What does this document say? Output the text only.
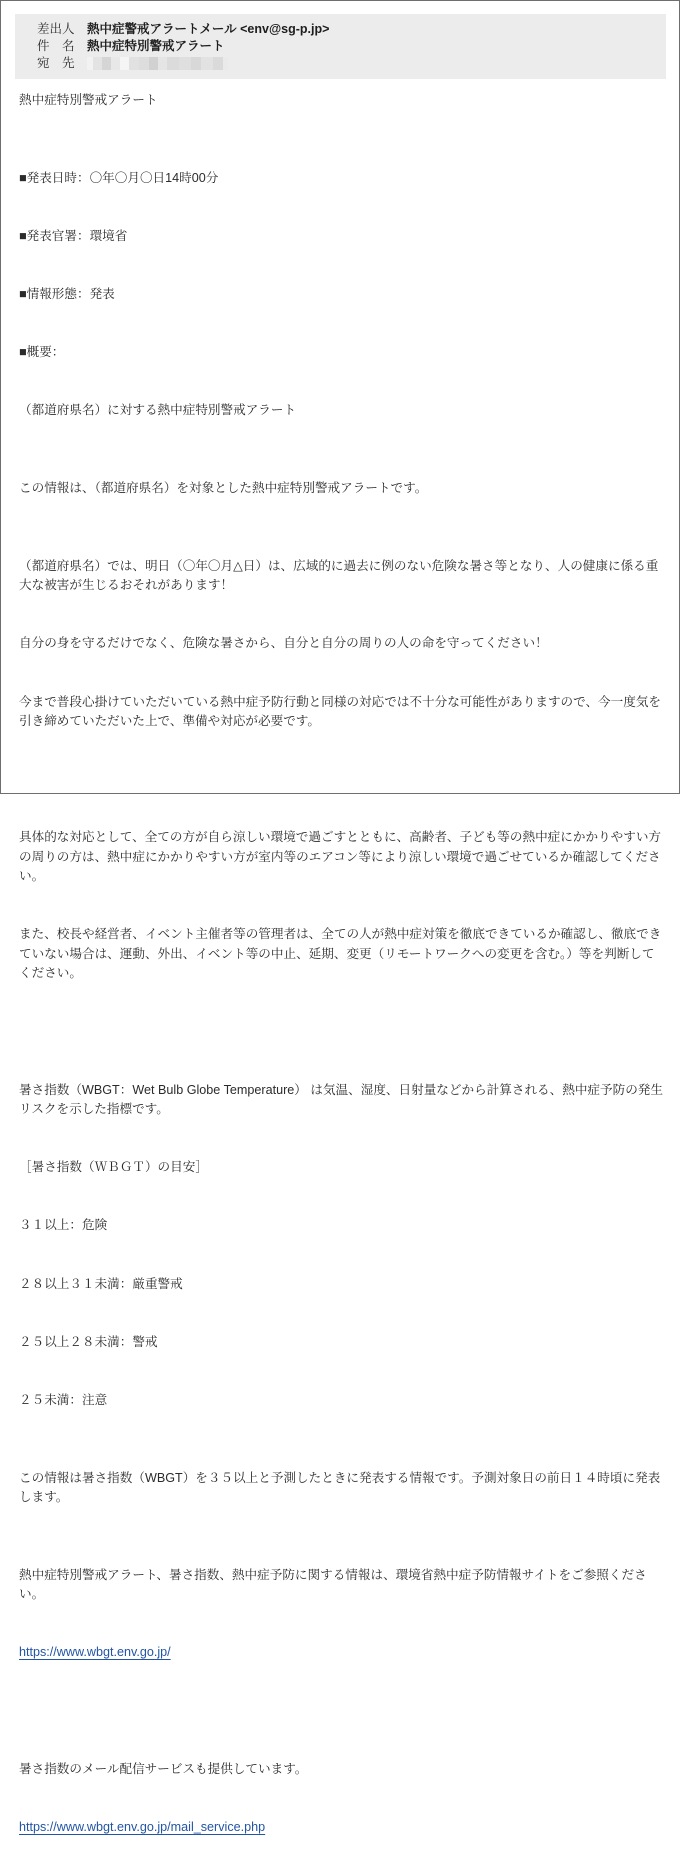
差出人 熱中症警戒アラートメール <env@sg-p.jp>
件　名 熱中症特別警戒アラート
宛　先
熱中症特別警戒アラート

■発表日時：〇年〇月〇日14時00分

■発表官署：環境省

■情報形態：発表

■概要：

（都道府県名）に対する熱中症特別警戒アラート

この情報は、（都道府県名）を対象とした熱中症特別警戒アラートです。

（都道府県名）では、明日（〇年〇月△日）は、広域的に過去に例のない危険な暑さ等となり、人の健康に係る重大な被害が生じるおそれがあります！

自分の身を守るだけでなく、危険な暑さから、自分と自分の周りの人の命を守ってください！

今まで普段心掛けていただいている熱中症予防行動と同様の対応では不十分な可能性がありますので、今一度気を引き締めていただいた上で、準備や対応が必要です。

具体的な対応として、全ての方が自ら涼しい環境で過ごすとともに、高齢者、子ども等の熱中症にかかりやすい方の周りの方は、熱中症にかかりやすい方が室内等のエアコン等により涼しい環境で過ごせているか確認してください。

また、校長や経営者、イベント主催者等の管理者は、全ての人が熱中症対策を徹底できているか確認し、徹底できていない場合は、運動、外出、イベント等の中止、延期、変更（リモートワークへの変更を含む。）等を判断してください。

暑さ指数（WBGT：Wet Bulb Globe Temperature） は気温、湿度、日射量などから計算される、熱中症予防の発生リスクを示した指標です。

［暑さ指数（ＷＢＧＴ）の目安］

３１以上：危険

２８以上３１未満：厳重警戒

２５以上２８未満：警戒

２５未満：注意

この情報は暑さ指数（WBGT）を３５以上と予測したときに発表する情報です。予測対象日の前日１４時頃に発表します。

熱中症特別警戒アラート、暑さ指数、熱中症予防に関する情報は、環境省熱中症予防情報サイトをご参照ください。

https://www.wbgt.env.go.jp/

暑さ指数のメール配信サービスも提供しています。

https://www.wbgt.env.go.jp/mail_service.php
